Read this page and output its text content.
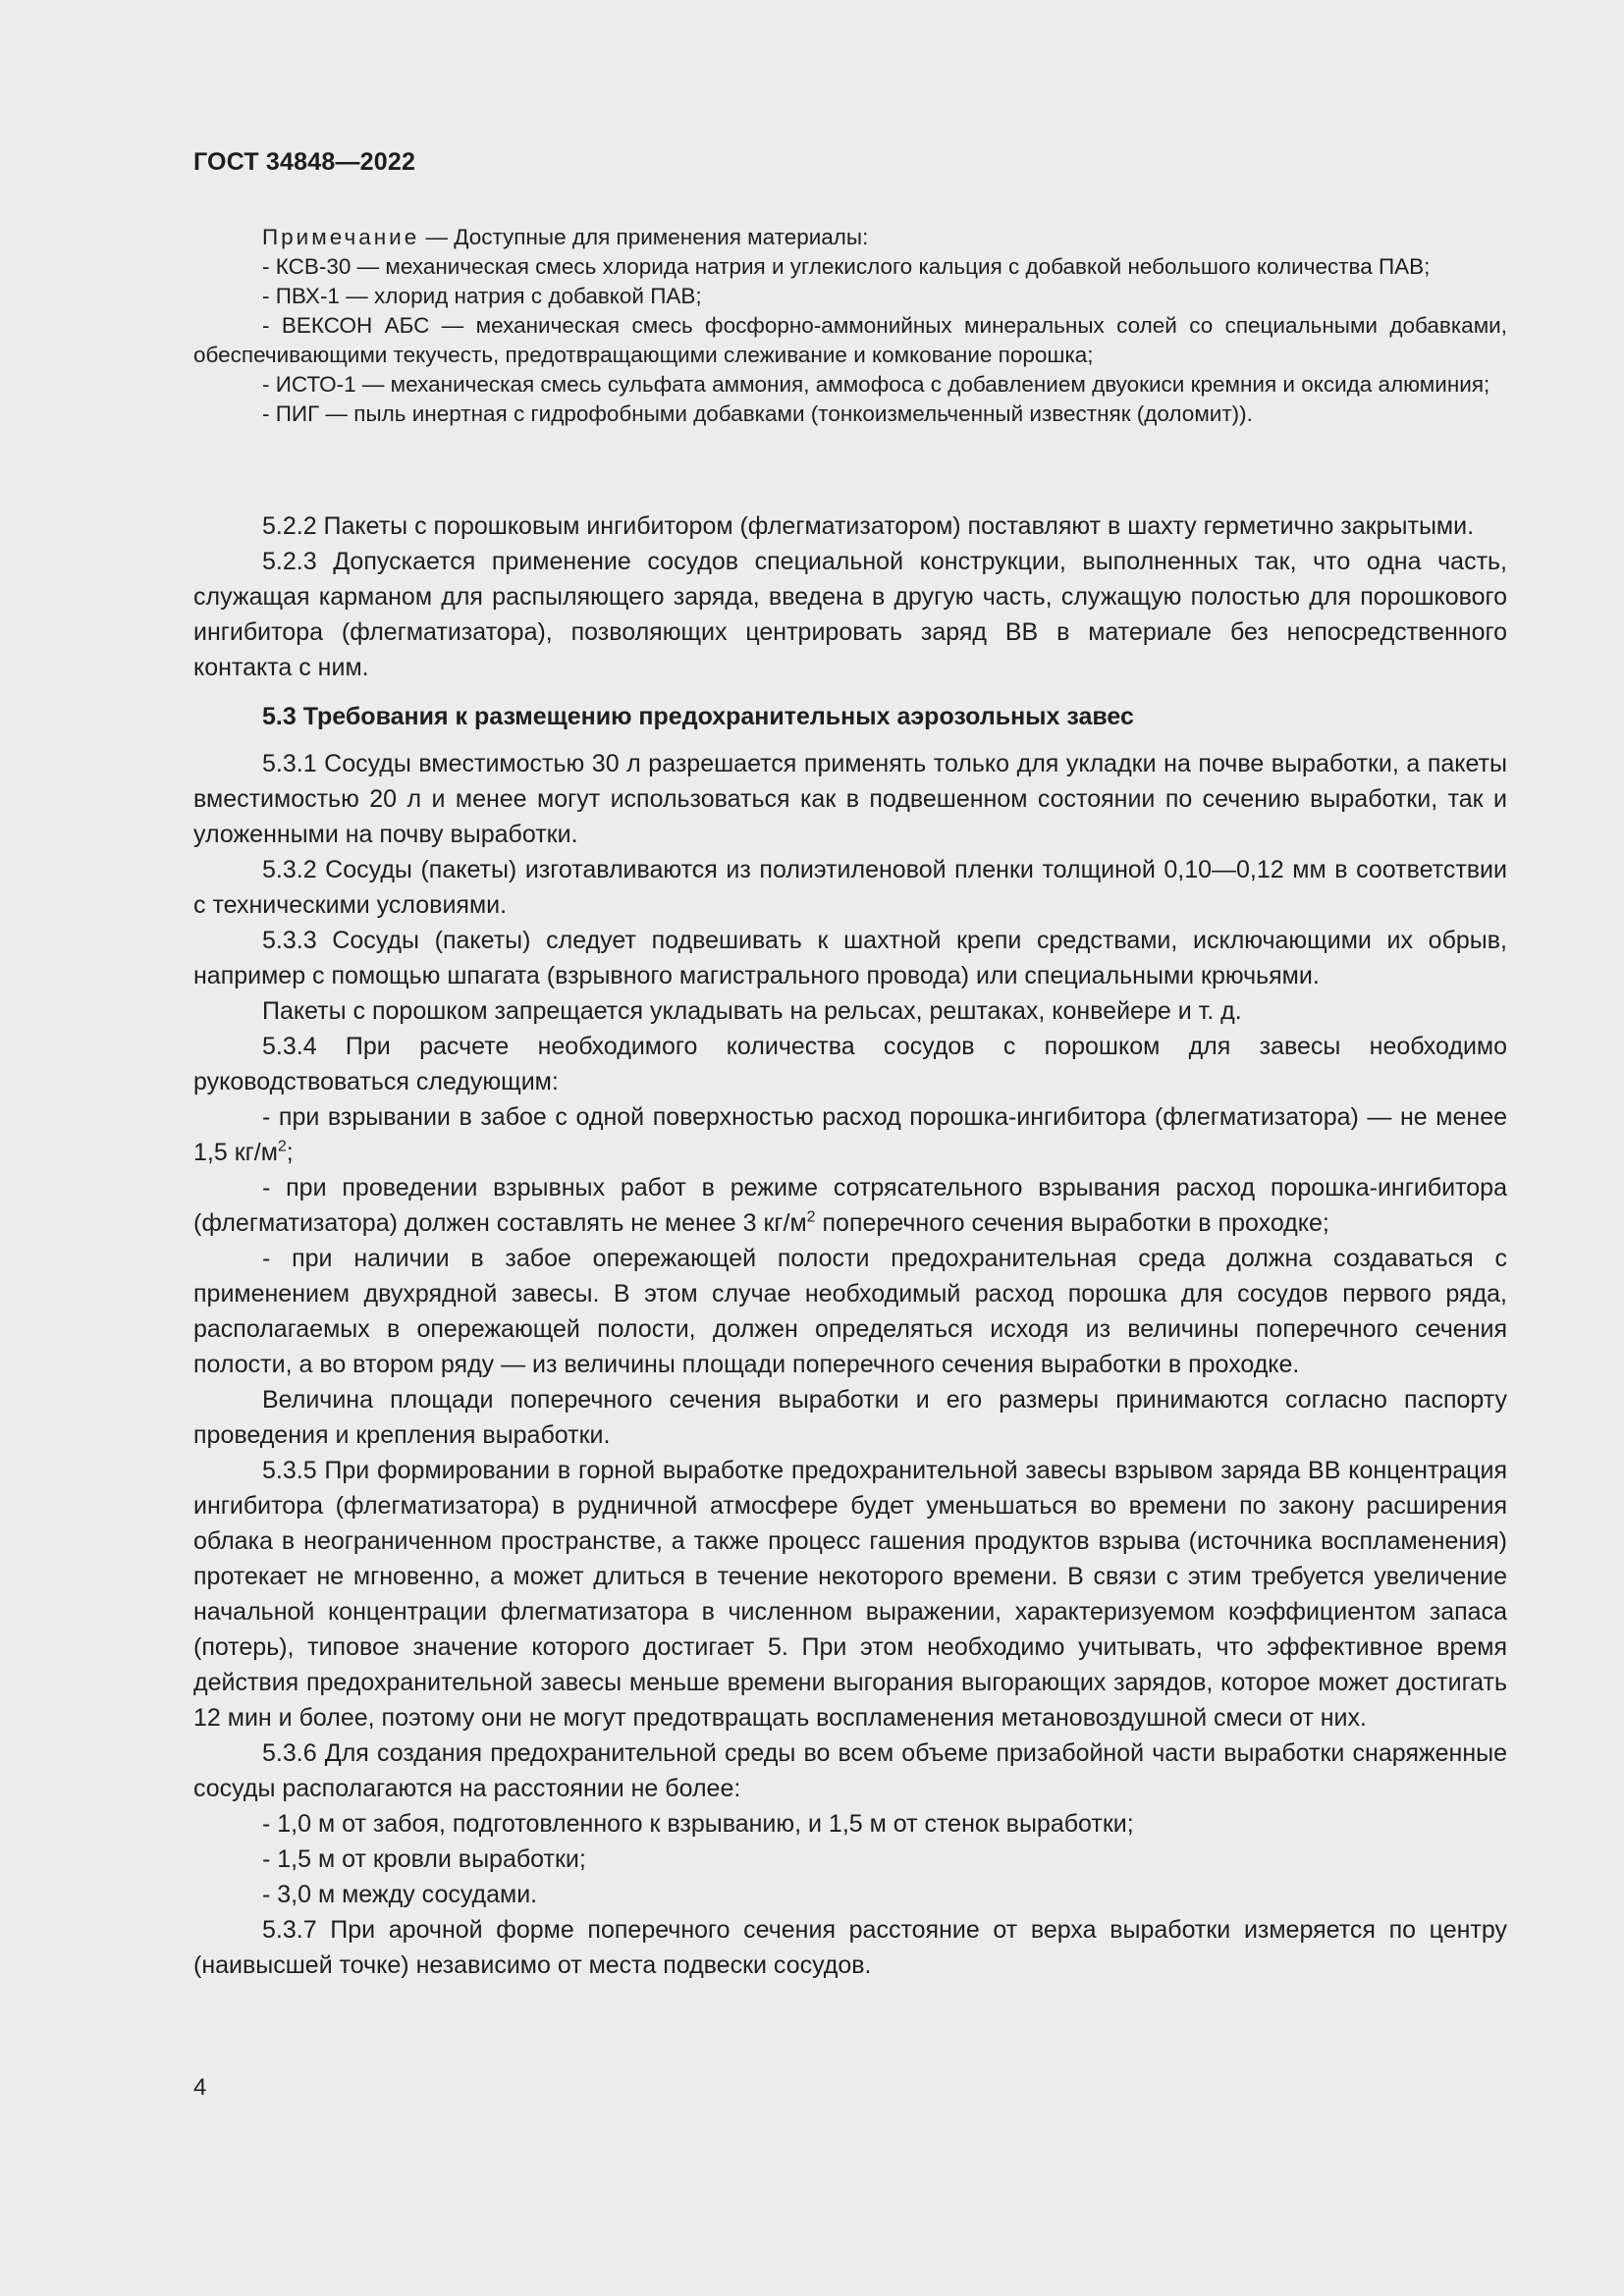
ГОСТ 34848—2022

Примечание — Доступные для применения материалы:

- КСВ-30 — механическая смесь хлорида натрия и углекислого кальция с добавкой небольшого количества ПАВ;

- ПВХ-1 — хлорид натрия с добавкой ПАВ;

- ВЕКСОН АБС — механическая смесь фосфорно-аммонийных минеральных солей со специальными добавками, обеспечивающими текучесть, предотвращающими слеживание и комкование порошка;

- ИСТО-1 — механическая смесь сульфата аммония, аммофоса с добавлением двуокиси кремния и оксида алюминия;

- ПИГ — пыль инертная с гидрофобными добавками (тонкоизмельченный известняк (доломит)).

5.2.2 Пакеты с порошковым ингибитором (флегматизатором) поставляют в шахту герметично закрытыми.

5.2.3 Допускается применение сосудов специальной конструкции, выполненных так, что одна часть, служащая карманом для распыляющего заряда, введена в другую часть, служащую полостью для порошкового ингибитора (флегматизатора), позволяющих центрировать заряд ВВ в материале без непосредственного контакта с ним.

5.3 Требования к размещению предохранительных аэрозольных завес

5.3.1 Сосуды вместимостью 30 л разрешается применять только для укладки на почве выработки, а пакеты вместимостью 20 л и менее могут использоваться как в подвешенном состоянии по сечению выработки, так и уложенными на почву выработки.

5.3.2 Сосуды (пакеты) изготавливаются из полиэтиленовой пленки толщиной 0,10—0,12 мм в соответствии с техническими условиями.

5.3.3 Сосуды (пакеты) следует подвешивать к шахтной крепи средствами, исключающими их обрыв, например с помощью шпагата (взрывного магистрального провода) или специальными крючьями.

Пакеты с порошком запрещается укладывать на рельсах, рештаках, конвейере и т. д.

5.3.4 При расчете необходимого количества сосудов с порошком для завесы необходимо руководствоваться следующим:

- при взрывании в забое с одной поверхностью расход порошка-ингибитора (флегматизатора) — не менее 1,5 $кг/м^2$;

- при проведении взрывных работ в режиме сотрясательного взрывания расход порошка-ингибитора (флегматизатора) должен составлять не менее 3 $кг/м^2$ поперечного сечения выработки в проходке;

- при наличии в забое опережающей полости предохранительная среда должна создаваться с применением двухрядной завесы. В этом случае необходимый расход порошка для сосудов первого ряда, располагаемых в опережающей полости, должен определяться исходя из величины поперечного сечения полости, а во втором ряду — из величины площади поперечного сечения выработки в проходке.

Величина площади поперечного сечения выработки и его размеры принимаются согласно паспорту проведения и крепления выработки.

5.3.5 При формировании в горной выработке предохранительной завесы взрывом заряда ВВ концентрация ингибитора (флегматизатора) в рудничной атмосфере будет уменьшаться во времени по закону расширения облака в неограниченном пространстве, а также процесс гашения продуктов взрыва (источника воспламенения) протекает не мгновенно, а может длиться в течение некоторого времени. В связи с этим требуется увеличение начальной концентрации флегматизатора в численном выражении, характеризуемом коэффициентом запаса (потерь), типовое значение которого достигает 5. При этом необходимо учитывать, что эффективное время действия предохранительной завесы меньше времени выгорания выгорающих зарядов, которое может достигать 12 мин и более, поэтому они не могут предотвращать воспламенения метановоздушной смеси от них.

5.3.6 Для создания предохранительной среды во всем объеме призабойной части выработки снаряженные сосуды располагаются на расстоянии не более:

- 1,0 м от забоя, подготовленного к взрыванию, и 1,5 м от стенок выработки;

- 1,5 м от кровли выработки;

- 3,0 м между сосудами.

5.3.7 При арочной форме поперечного сечения расстояние от верха выработки измеряется по центру (наивысшей точке) независимо от места подвески сосудов.

4
